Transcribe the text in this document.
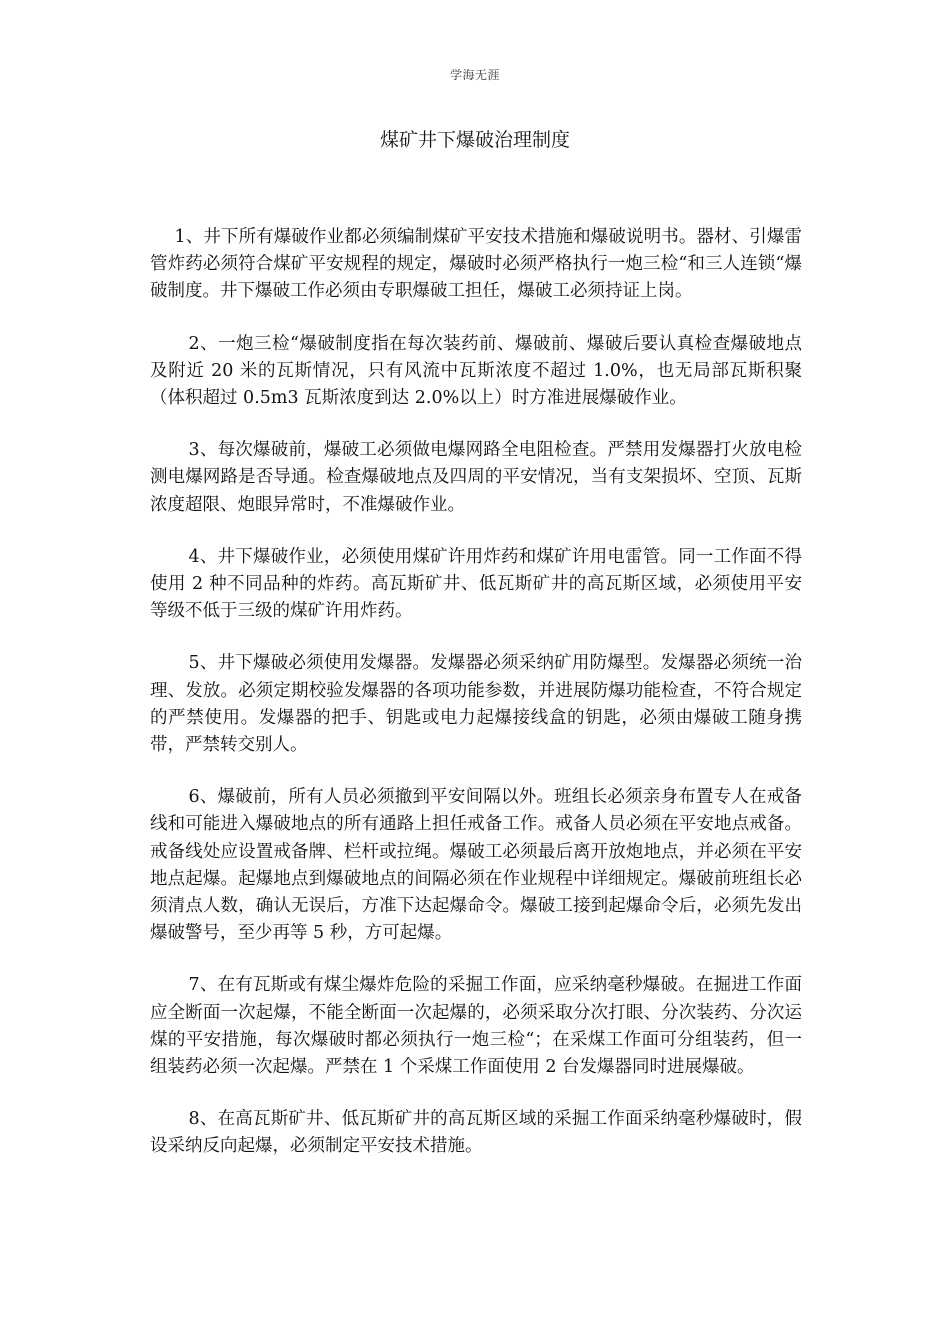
学海无涯
煤矿井下爆破治理制度

1、井下所有爆破作业都必须编制煤矿平安技术措施和爆破说明书。器材、引爆雷管炸药必须符合煤矿平安规程的规定，爆破时必须严格执行一炮三检“和三人连锁“爆破制度。井下爆破工作必须由专职爆破工担任，爆破工必须持证上岗。

2、一炮三检“爆破制度指在每次装药前、爆破前、爆破后要认真检查爆破地点及附近 20 米的瓦斯情况，只有风流中瓦斯浓度不超过 1.0%，也无局部瓦斯积聚（体积超过 0.5m3 瓦斯浓度到达 2.0%以上）时方准进展爆破作业。

3、每次爆破前，爆破工必须做电爆网路全电阻检查。严禁用发爆器打火放电检测电爆网路是否导通。检查爆破地点及四周的平安情况，当有支架损坏、空顶、瓦斯浓度超限、炮眼异常时，不准爆破作业。

4、井下爆破作业，必须使用煤矿许用炸药和煤矿许用电雷管。同一工作面不得使用 2 种不同品种的炸药。高瓦斯矿井、低瓦斯矿井的高瓦斯区域，必须使用平安等级不低于三级的煤矿许用炸药。

5、井下爆破必须使用发爆器。发爆器必须采纳矿用防爆型。发爆器必须统一治理、发放。必须定期校验发爆器的各项功能参数，并进展防爆功能检查，不符合规定的严禁使用。发爆器的把手、钥匙或电力起爆接线盒的钥匙，必须由爆破工随身携带，严禁转交别人。

6、爆破前，所有人员必须撤到平安间隔以外。班组长必须亲身布置专人在戒备线和可能进入爆破地点的所有通路上担任戒备工作。戒备人员必须在平安地点戒备。戒备线处应设置戒备牌、栏杆或拉绳。爆破工必须最后离开放炮地点，并必须在平安地点起爆。起爆地点到爆破地点的间隔必须在作业规程中详细规定。爆破前班组长必须清点人数，确认无误后，方准下达起爆命令。爆破工接到起爆命令后，必须先发出爆破警号，至少再等 5 秒，方可起爆。

7、在有瓦斯或有煤尘爆炸危险的采掘工作面，应采纳毫秒爆破。在掘进工作面应全断面一次起爆，不能全断面一次起爆的，必须采取分次打眼、分次装药、分次运煤的平安措施，每次爆破时都必须执行一炮三检“；在采煤工作面可分组装药，但一组装药必须一次起爆。严禁在 1 个采煤工作面使用 2 台发爆器同时进展爆破。

8、在高瓦斯矿井、低瓦斯矿井的高瓦斯区域的采掘工作面采纳毫秒爆破时，假设采纳反向起爆，必须制定平安技术措施。
